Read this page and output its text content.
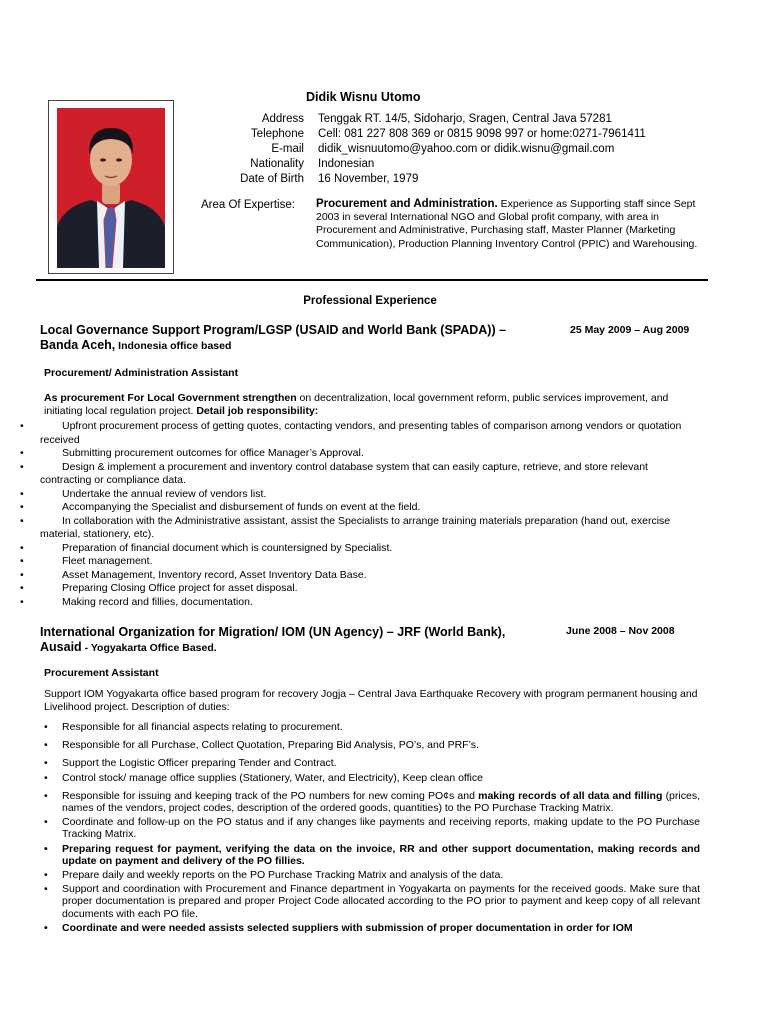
Didik Wisnu Utomo
Address
Telephone
E-mail
Nationality
Date of Birth
Tenggak RT. 14/5, Sidoharjo, Sragen, Central Java 57281
Cell: 081 227 808 369 or 0815 9098 997 or home:0271-7961411
didik_wisnuutomo@yahoo.com or didik.wisnu@gmail.com
Indonesian
16 November, 1979
Area Of Expertise: Procurement and Administration. Experience as Supporting staff since Sept 2003 in several International NGO and Global profit company, with area in Procurement and Administrative, Purchasing staff, Master Planner (Marketing Communication), Production Planning Inventory Control (PPIC) and Warehousing.
Professional Experience
Local Governance Support Program/LGSP (USAID and World Bank (SPADA)) –
Banda Aceh, Indonesia office based
25 May 2009 – Aug 2009
Procurement/ Administration Assistant
As procurement For Local Government strengthen on decentralization, local government reform, public services improvement, and initiating local regulation project. Detail job responsibility:
• Upfront procurement process of getting quotes, contacting vendors, and presenting tables of comparison among vendors or quotation received
• Submitting procurement outcomes for office Manager’s Approval.
• Design & implement a procurement and inventory control database system that can easily capture, retrieve, and store relevant contracting or compliance data.
• Undertake the annual review of vendors list.
• Accompanying the Specialist and disbursement of funds on event at the field.
• In collaboration with the Administrative assistant, assist the Specialists to arrange training materials preparation (hand out, exercise material, stationery, etc).
• Preparation of financial document which is countersigned by Specialist.
• Fleet management.
• Asset Management, Inventory record, Asset Inventory Data Base.
• Preparing Closing Office project for asset disposal.
• Making record and fillies, documentation.
International Organization for Migration/ IOM (UN Agency) – JRF (World Bank),
Ausaid - Yogyakarta Office Based.
June 2008 – Nov 2008
Procurement Assistant
Support IOM Yogyakarta office based program for recovery Jogja – Central Java Earthquake Recovery with program permanent housing and Livelihood project. Description of duties:
• Responsible for all financial aspects relating to procurement.
• Responsible for all Purchase, Collect Quotation, Preparing Bid Analysis, PO’s, and PRF’s.
• Support the Logistic Officer preparing Tender and Contract.
• Control stock/ manage office supplies (Stationery, Water, and Electricity), Keep clean office
• Responsible for issuing and keeping track of the PO numbers for new coming PO¢s and making records of all data and filling (prices, names of the vendors, project codes, description of the ordered goods, quantities) to the PO Purchase Tracking Matrix.
• Coordinate and follow-up on the PO status and if any changes like payments and receiving reports, making update to the PO Purchase Tracking Matrix.
• Preparing request for payment, verifying the data on the invoice, RR and other support documentation, making records and update on payment and delivery of the PO fillies.
• Prepare daily and weekly reports on the PO Purchase Tracking Matrix and analysis of the data.
• Support and coordination with Procurement and Finance department in Yogyakarta on payments for the received goods. Make sure that proper documentation is prepared and proper Project Code allocated according to the PO prior to payment and keep copy of all relevant documents with each PO file.
• Coordinate and were needed assists selected suppliers with submission of proper documentation in order for IOM
